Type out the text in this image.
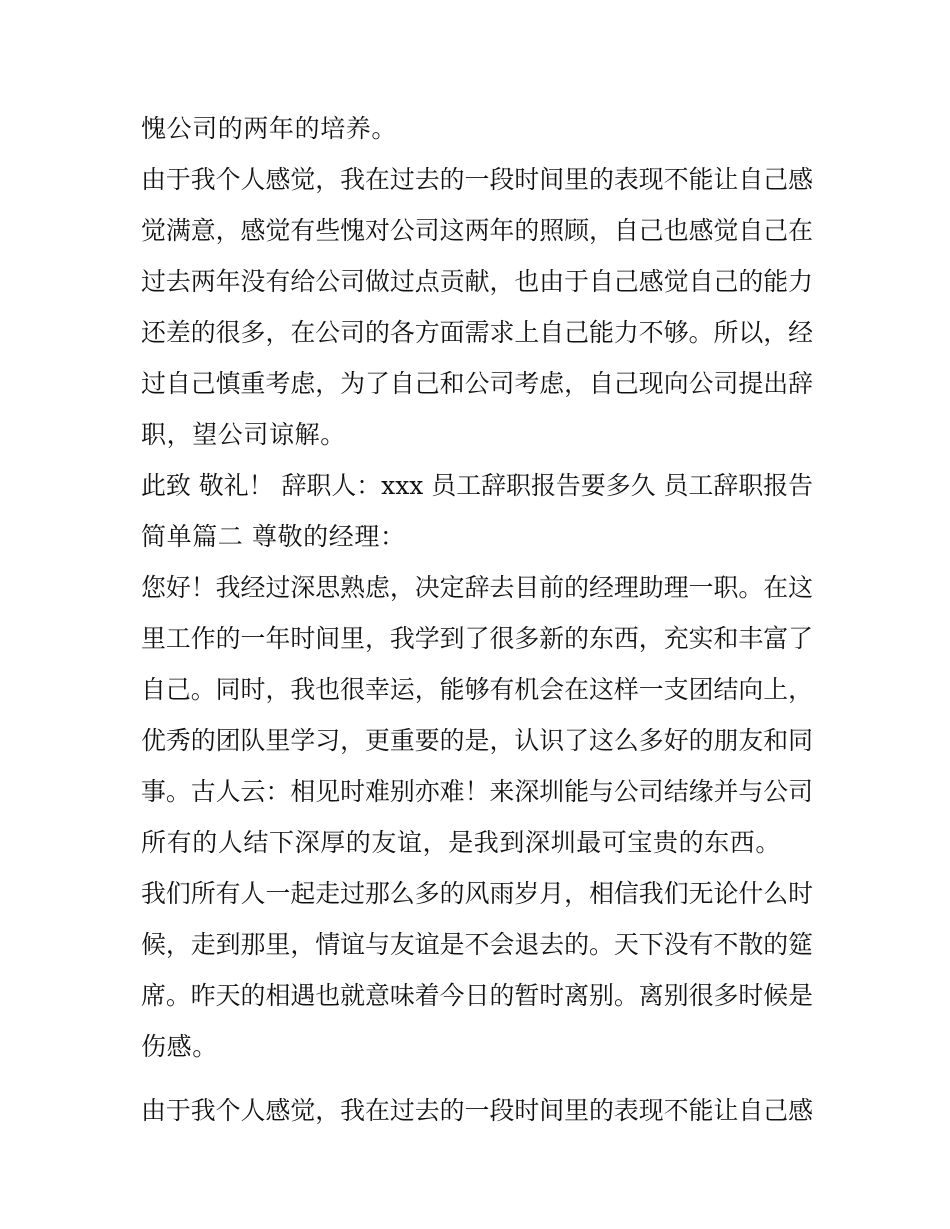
愧公司的两年的培养。
由于我个人感觉，我在过去的一段时间里的表现不能让自己感
觉满意，感觉有些愧对公司这两年的照顾，自己也感觉自己在
过去两年没有给公司做过点贡献，也由于自己感觉自己的能力
还差的很多，在公司的各方面需求上自己能力不够。所以，经
过自己慎重考虑，为了自己和公司考虑，自己现向公司提出辞
职，望公司谅解。
此致 敬礼！ 辞职人：xxx 员工辞职报告要多久 员工辞职报告
简单篇二 尊敬的经理：
您好！我经过深思熟虑，决定辞去目前的经理助理一职。在这
里工作的一年时间里，我学到了很多新的东西，充实和丰富了
自己。同时，我也很幸运，能够有机会在这样一支团结向上，
优秀的团队里学习，更重要的是，认识了这么多好的朋友和同
事。古人云：相见时难别亦难！来深圳能与公司结缘并与公司
所有的人结下深厚的友谊，是我到深圳最可宝贵的东西。
我们所有人一起走过那么多的风雨岁月，相信我们无论什么时
候，走到那里，情谊与友谊是不会退去的。天下没有不散的筵
席。昨天的相遇也就意味着今日的暂时离别。离别很多时候是
伤感。
由于我个人感觉，我在过去的一段时间里的表现不能让自己感
